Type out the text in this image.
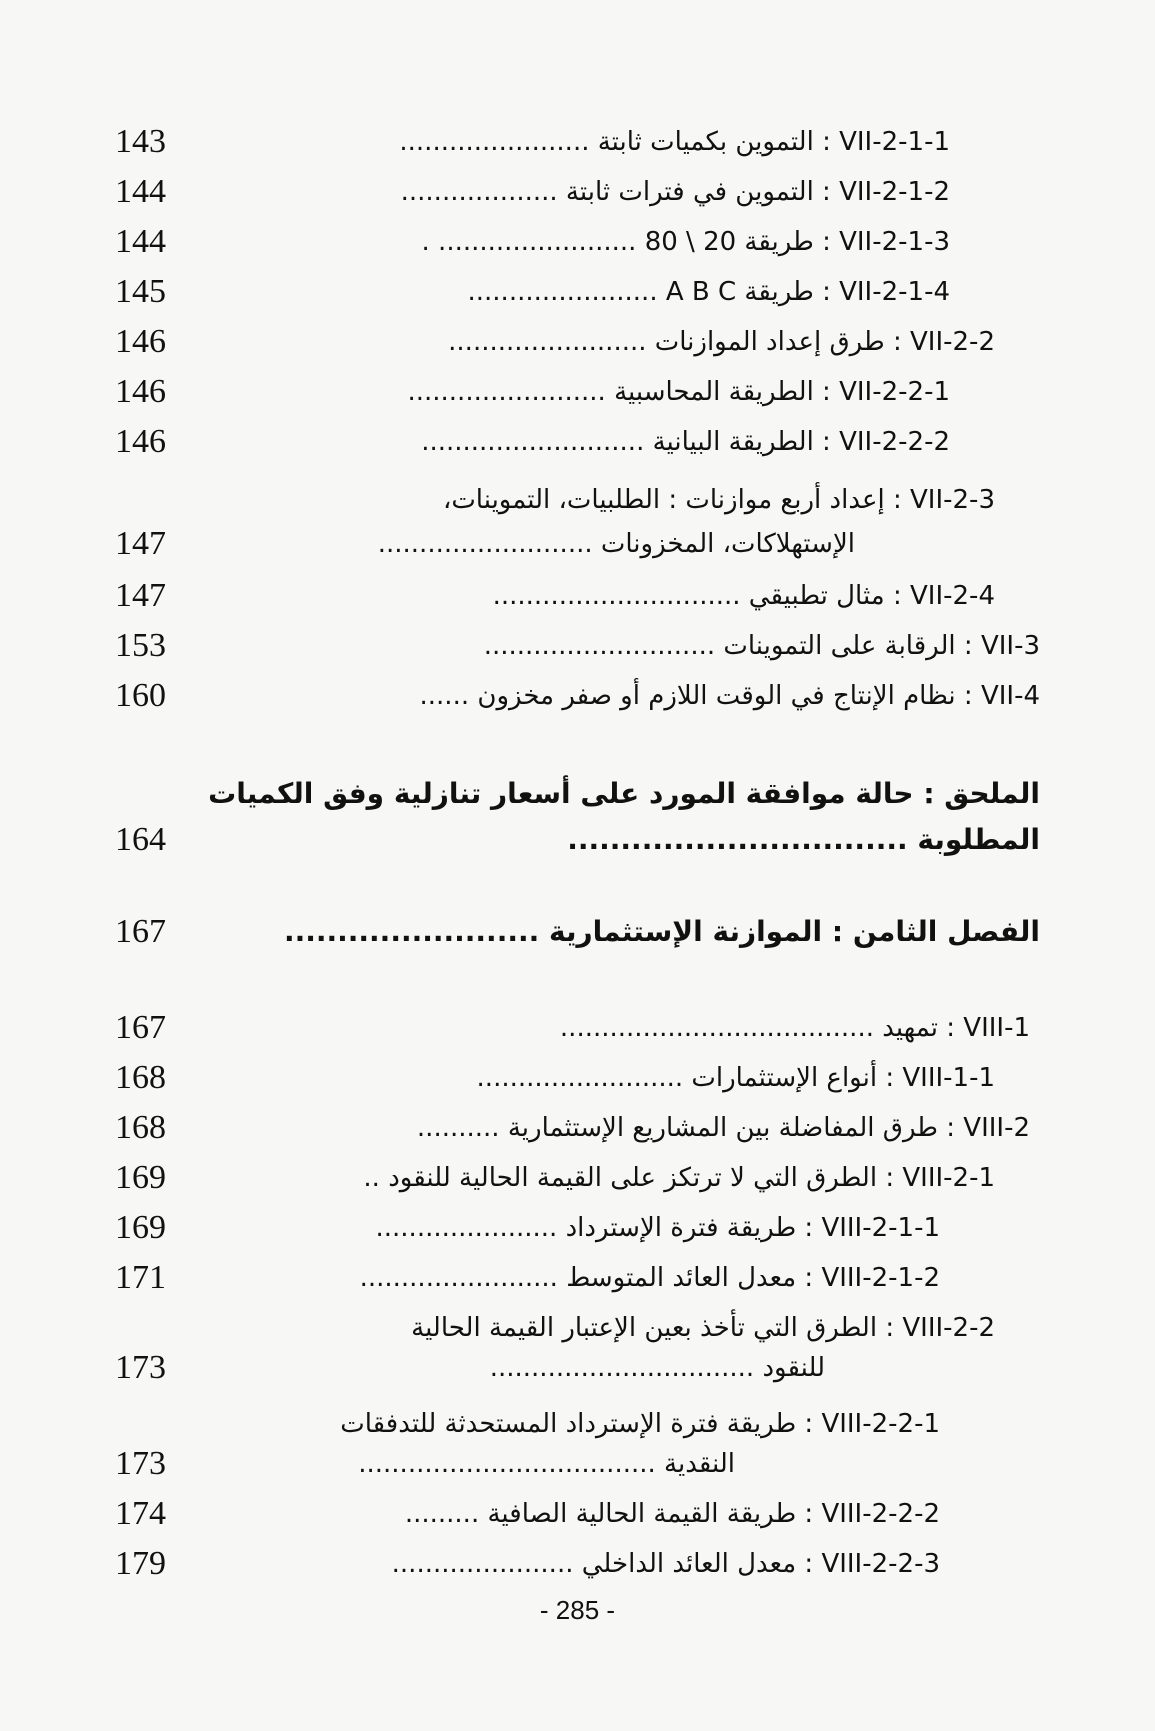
143	VII-2-1-1 : التموين بكميات ثابتة .......................
144	VII-2-1-2 : التموين في فترات ثابتة ...................
144	VII-2-1-3 : طريقة 20 \ 80 ........................ .
145	VII-2-1-4 : طريقة A B C .......................
146	VII-2-2 : طرق إعداد الموازنات ........................
146	VII-2-2-1 : الطريقة المحاسبية ........................
146	VII-2-2-2 : الطريقة البيانية ...........................
VII-2-3 : إعداد أربع موازنات : الطلبيات، التموينات،
147	الإستهلاكات، المخزونات ..........................
147	VII-2-4 : مثال تطبيقي ..............................
153	VII-3 : الرقابة على التموينات ............................
160	VII-4 : نظام الإنتاج في الوقت اللازم أو صفر مخزون ......
الملحق : حالة موافقة المورد على أسعار تنازلية وفق الكميات
164	المطلوبة ................................
167	الفصل الثامن : الموازنة الإستثمارية ........................
167	VIII-1 : تمهيد ......................................
168	VIII-1-1 : أنواع الإستثمارات .........................
168	VIII-2 : طرق المفاضلة بين المشاريع الإستثمارية ..........
169	VIII-2-1 : الطرق التي لا ترتكز على القيمة الحالية للنقود ..
169	VIII-2-1-1 : طريقة فترة الإسترداد ......................
171	VIII-2-1-2 : معدل العائد المتوسط ........................
VIII-2-2 : الطرق التي تأخذ بعين الإعتبار القيمة الحالية
173	للنقود ................................
VIII-2-2-1 : طريقة فترة الإسترداد المستحدثة للتدفقات
173	النقدية ....................................
174	VIII-2-2-2 : طريقة القيمة الحالية الصافية .........
179	VIII-2-2-3 : معدل العائد الداخلي ......................
- 285 -
